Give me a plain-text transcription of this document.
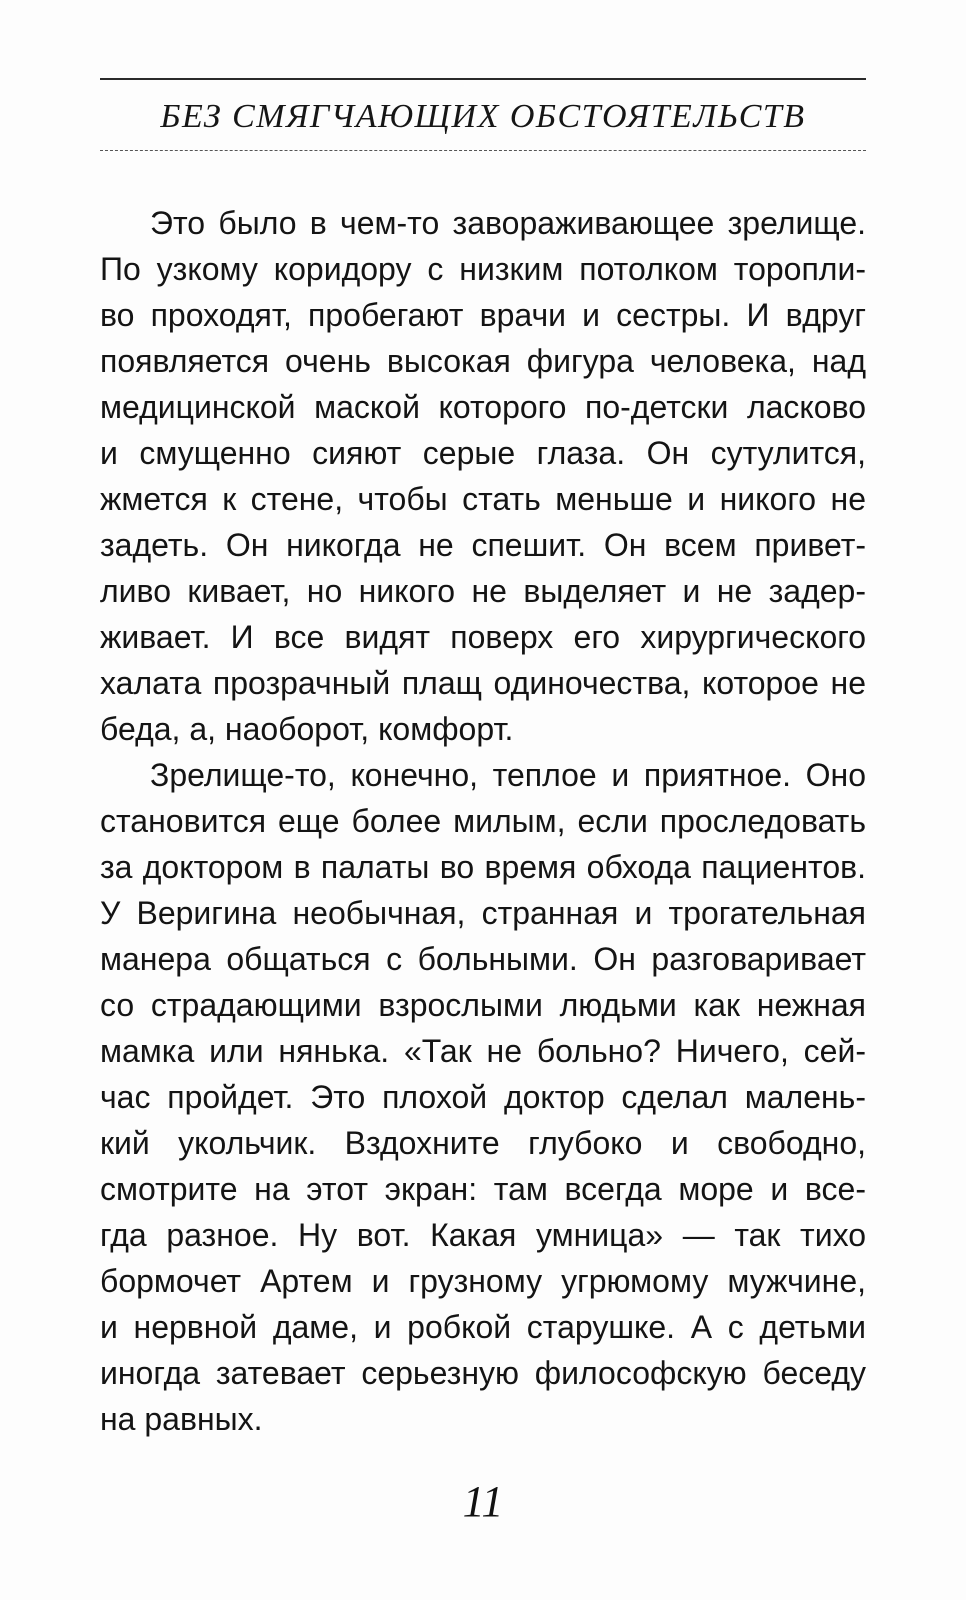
БЕЗ СМЯГЧАЮЩИХ ОБСТОЯТЕЛЬСТВ
Это было в чем-то завораживающее зрелище.
По узкому коридору с низким потолком торопли-
во проходят, пробегают врачи и сестры. И вдруг
появляется очень высокая фигура человека, над
медицинской маской которого по-детски ласково
и смущенно сияют серые глаза. Он сутулится,
жмется к стене, чтобы стать меньше и никого не
задеть. Он никогда не спешит. Он всем привет-
ливо кивает, но никого не выделяет и не задер-
живает. И все видят поверх его хирургического
халата прозрачный плащ одиночества, которое не
беда, а, наоборот, комфорт.
Зрелище-то, конечно, теплое и приятное. Оно
становится еще более милым, если проследовать
за доктором в палаты во время обхода пациентов.
У Веригина необычная, странная и трогательная
манера общаться с больными. Он разговаривает
со страдающими взрослыми людьми как нежная
мамка или нянька. «Так не больно? Ничего, сей-
час пройдет. Это плохой доктор сделал малень-
кий укольчик. Вздохните глубоко и свободно,
смотрите на этот экран: там всегда море и все-
гда разное. Ну вот. Какая умница» — так тихо
бормочет Артем и грузному угрюмому мужчине,
и нервной даме, и робкой старушке. А с детьми
иногда затевает серьезную философскую беседу
на равных.
11
